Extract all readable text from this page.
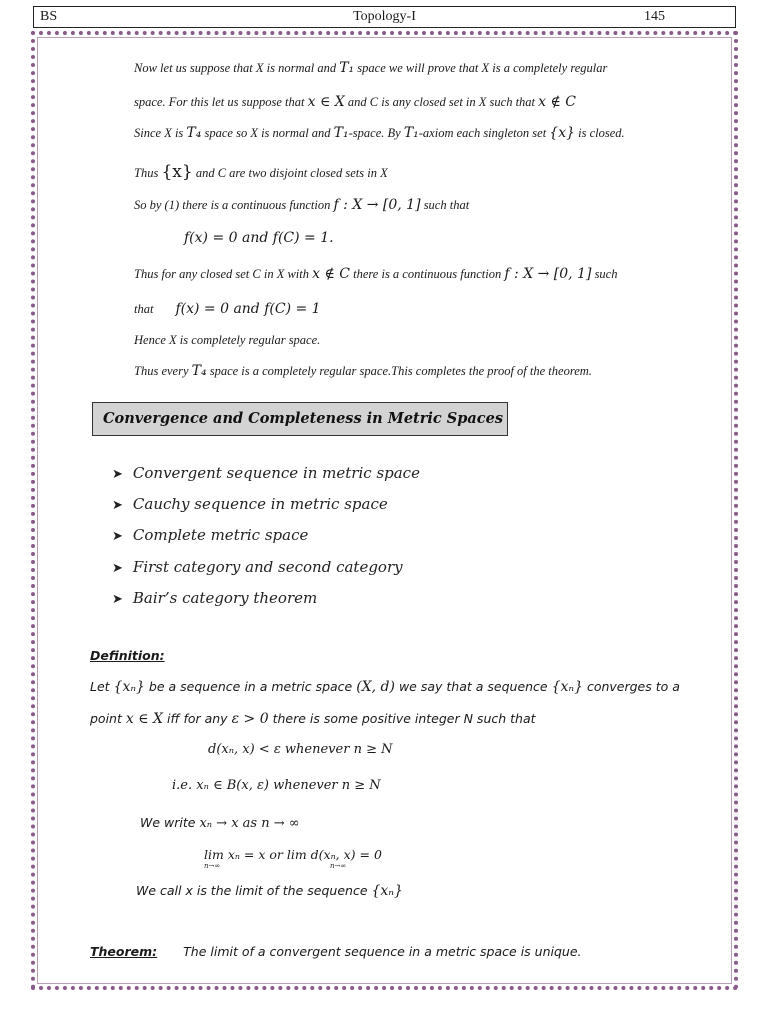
BS	Topology-I	145
Now let us suppose that X is normal and T₁ space we will prove that X is a completely regular
space. For this let us suppose that x ∈ X and C is any closed set in X such that x ∉ C
Since X is T₄ space so X is normal and T₁-space. By T₁-axiom each singleton set {x} is closed.
Thus {x} and C are two disjoint closed sets in X
So by (1) there is a continuous function f : X → [0, 1] such that
f(x) = 0 and f(C) = 1.
Thus for any closed set C in X with x ∉ C there is a continuous function f : X → [0, 1] such
that f(x) = 0 and f(C) = 1
Hence X is completely regular space.
Thus every T₄ space is a completely regular space.This completes the proof of the theorem.
Convergence and Completeness in Metric Spaces
➤ Convergent sequence in metric space
➤ Cauchy sequence in metric space
➤ Complete metric space
➤ First category and second category
➤ Bair’s category theorem
Definition:
Let {xₙ} be a sequence in a metric space (X, d) we say that a sequence {xₙ} converges to a
point x ∈ X iff for any ε > 0 there is some positive integer N such that
d(xₙ, x) < ε whenever n ≥ N
i.e. xₙ ∈ B(x, ε) whenever n ≥ N
We write xₙ → x as n → ∞
lim xₙ = x or lim d(xₙ, x) = 0
n→∞	n→∞
We call x is the limit of the sequence {xₙ}
Theorem: The limit of a convergent sequence in a metric space is unique.
